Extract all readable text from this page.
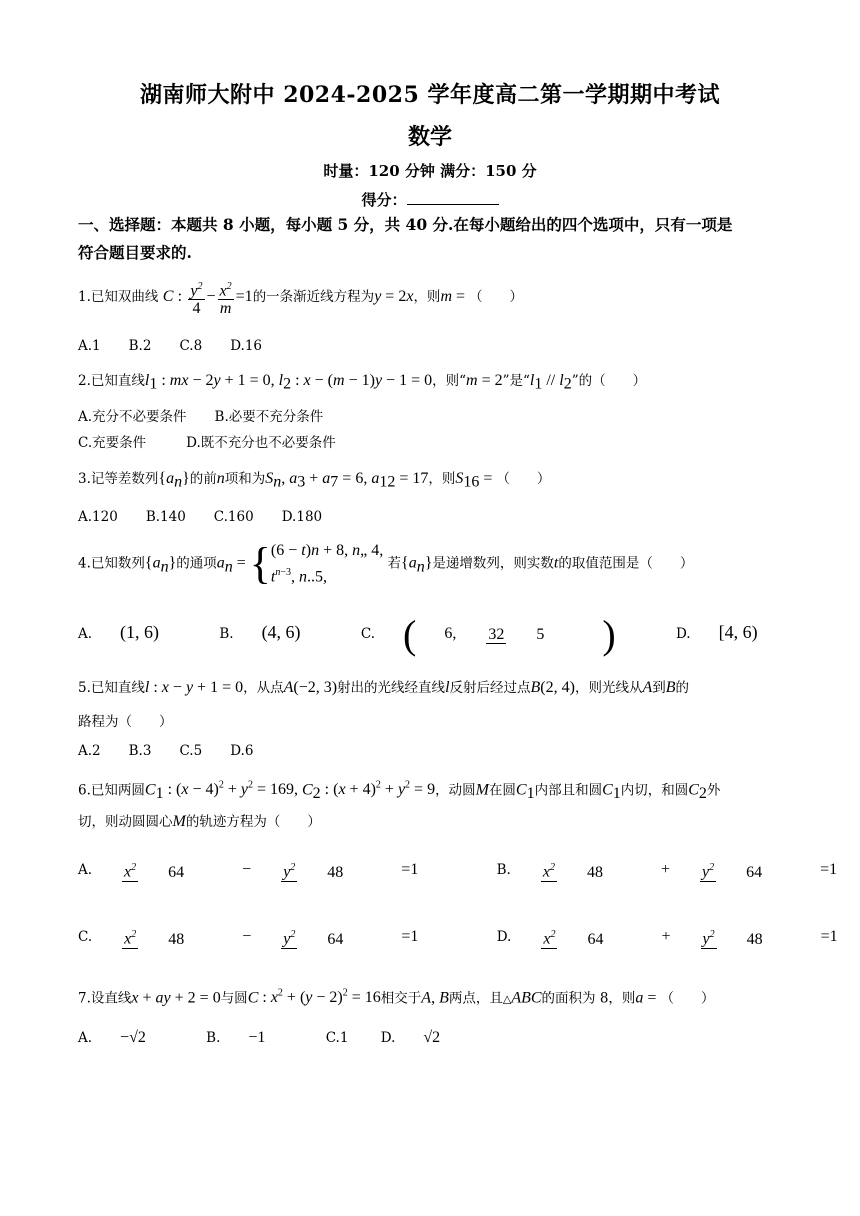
湖南师大附中 2024-2025 学年度高二第一学期期中考试
数学
时量：120 分钟 满分：150 分
得分：
一、选择题：本题共 8 小题，每小题 5 分，共 40 分.在每小题给出的四个选项中，只有一项是
符合题目要求的.
1.已知双曲线 C : $\frac{y^2}{4} - \frac{x^2}{m} =1$的一条渐近线方程为y = 2x，则m = （　　）
A.1 B.2 C.8 D.16
2.已知直线$l_1$ : mx − 2y + 1 = 0, $l_2$ : x − (m − 1)y − 1 = 0，则“m = 2”是“$l_1 // l_2$”的（　　）
A.充分不必要条件 B.必要不充分条件
C.充要条件	D.既不充分也不必要条件
3.记等差数列$\{a_n\}$的前n项和为$S_n$, $a_3 + a_7 = 6$, $a_{12} = 17$，则$S_{16}$ = （　　）
A.120 B.140 C.160 D.180
4.已知数列$\{a_n\}$的通项$a_n$ = { (6 − t)n + 8, n„ 4,
$t^{n-3}$, n..5,
若$\{a_n\}$是递增数列，则实数t的取值范围是（　　）
A. (1, 6)	B. (4, 6)	C. ( 6,32 5 )	D. [4, 6)
5.已知直线l : x − y + 1 = 0，从点A(−2, 3)射出的光线经直线l反射后经过点B(2, 4)，则光线从A到B的
路程为（　　）
A.2 B.3 C.5 D.6
6.已知两圆$C_1$ : $(x - 4)^2 + y^2 = 169$, $C_2$ : $(x + 4)^2 + y^2 = 9$，动圆M在圆$C_1$内部且和圆$C_1$内切，和圆$C_2$外
切，则动圆圆心M的轨迹方程为（　　）
A. $x^2$ 64	− $y^2$ 48	=1	B. $x^2$ 48	+ $y^2$ 64	=1
C. $x^2$ 48	− $y^2$ 64	=1	D. $x^2$ 64	+ $y^2$ 48	=1
7.设直线x + ay + 2 = 0与圆C : $x^2 + (y - 2)^2 = 16$相交于A, B两点，且△ABC的面积为 8，则a = （　　）
A. −√2	B. −1	C.1 D. √2
